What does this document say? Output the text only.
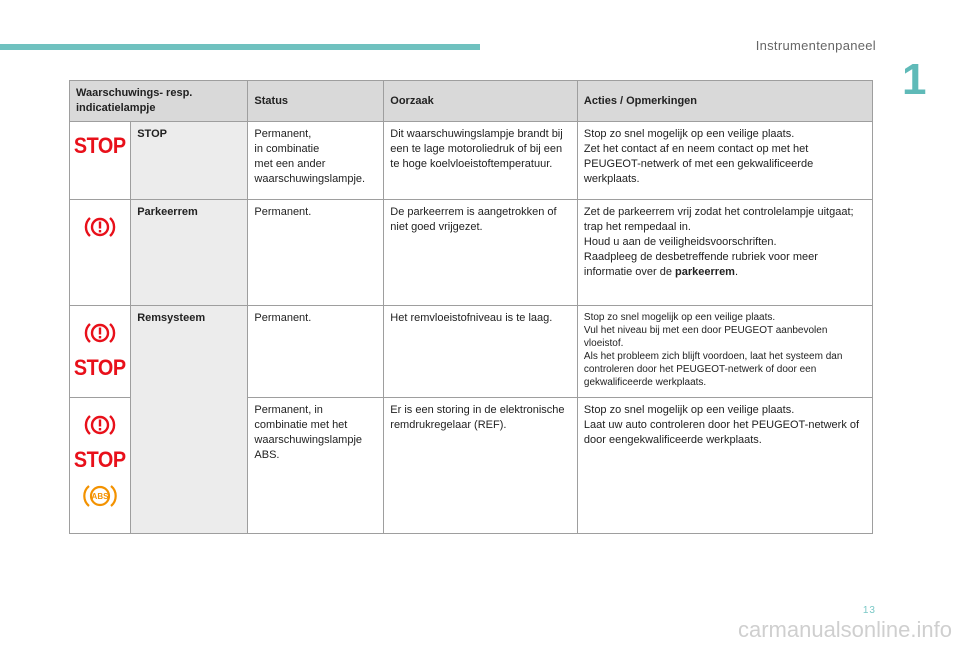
Instrumentenpaneel
1
Waarschuwings- resp. indicatielampje		Status	Oorzaak	Acties / Opmerkingen
STOP	STOP	Permanent,
in combinatie
met een ander
waarschuwingslampje.	Dit waarschuwingslampje brandt bij een te lage motoroliedruk of bij een te hoge koelvloeistoftemperatuur.	Stop zo snel mogelijk op een veilige plaats.
Zet het contact af en neem contact op met het PEUGEOT-netwerk of met een gekwalificeerde werkplaats.

	Parkeerrem	Permanent.	De parkeerrem is aangetrokken of niet goed vrijgezet.	Zet de parkeerrem vrij zodat het controlelampje uitgaat; trap het rempedaal in.
Houd u aan de veiligheidsvoorschriften.
Raadpleeg de desbetreffende rubriek voor meer informatie over de parkeerrem.

STOP	Remsysteem	Permanent.	Het remvloeistofniveau is te laag.	Stop zo snel mogelijk op een veilige plaats.
Vul het niveau bij met een door PEUGEOT aanbevolen vloeistof.
Als het probleem zich blijft voordoen, laat het systeem dan controleren door het PEUGEOT-netwerk of door een gekwalificeerde werkplaats.

STOP
ABS		Permanent, in combinatie met het waarschuwingslampje ABS.	Er is een storing in de elektronische remdrukregelaar (REF).	Stop zo snel mogelijk op een veilige plaats.
Laat uw auto controleren door het PEUGEOT-netwerk of door eengekwalificeerde werkplaats.
13
carmanualsonline.info
